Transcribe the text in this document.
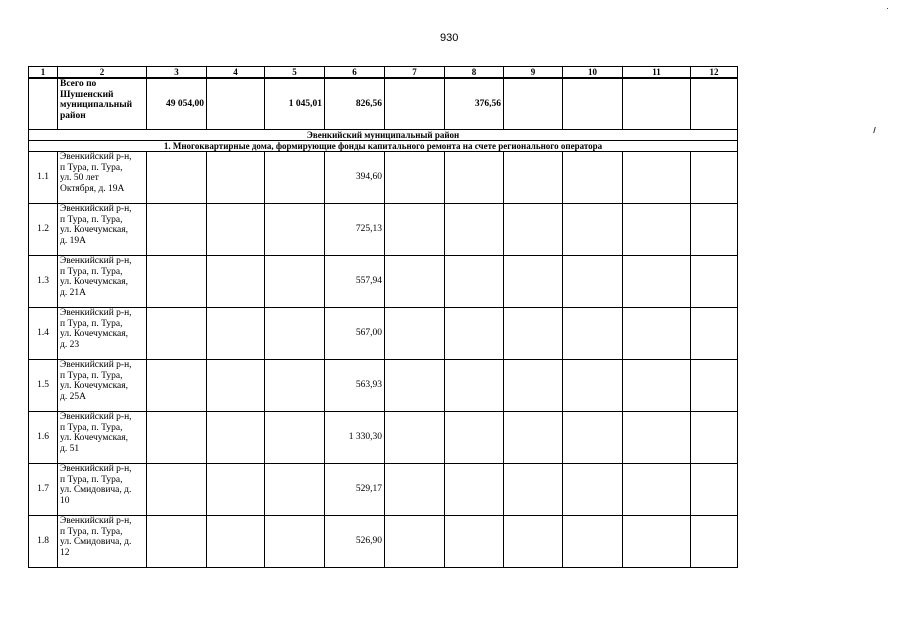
930
1	2	3	4	5	6	7	8	9	10	11	12

	Всего по
Шушенский
муниципальный
район	49 054,00		1 045,01	826,56		376,56				
Эвенкийский муниципальный район											
1. Многоквартирные дома, формирующие фонды капитального ремонта на счете регионального оператора											
1.1	Эвенкийский р-н,
п Тура, п. Тура,
ул. 50 лет
Октября, д. 19А				394,60						
1.2	Эвенкийский р-н,
п Тура, п. Тура,
ул. Кочечумская,
д. 19А				725,13						
1.3	Эвенкийский р-н,
п Тура, п. Тура,
ул. Кочечумская,
д. 21А				557,94						
1.4	Эвенкийский р-н,
п Тура, п. Тура,
ул. Кочечумская,
д. 23				567,00						
1.5	Эвенкийский р-н,
п Тура, п. Тура,
ул. Кочечумская,
д. 25А				563,93						
1.6	Эвенкийский р-н,
п Тура, п. Тура,
ул. Кочечумская,
д. 51				1 330,30						
1.7	Эвенкийский р-н,
п Тура, п. Тура,
ул. Смидовича, д.
10				529,17						
1.8	Эвенкийский р-н,
п Тура, п. Тура,
ул. Смидовича, д.
12				526,90						
